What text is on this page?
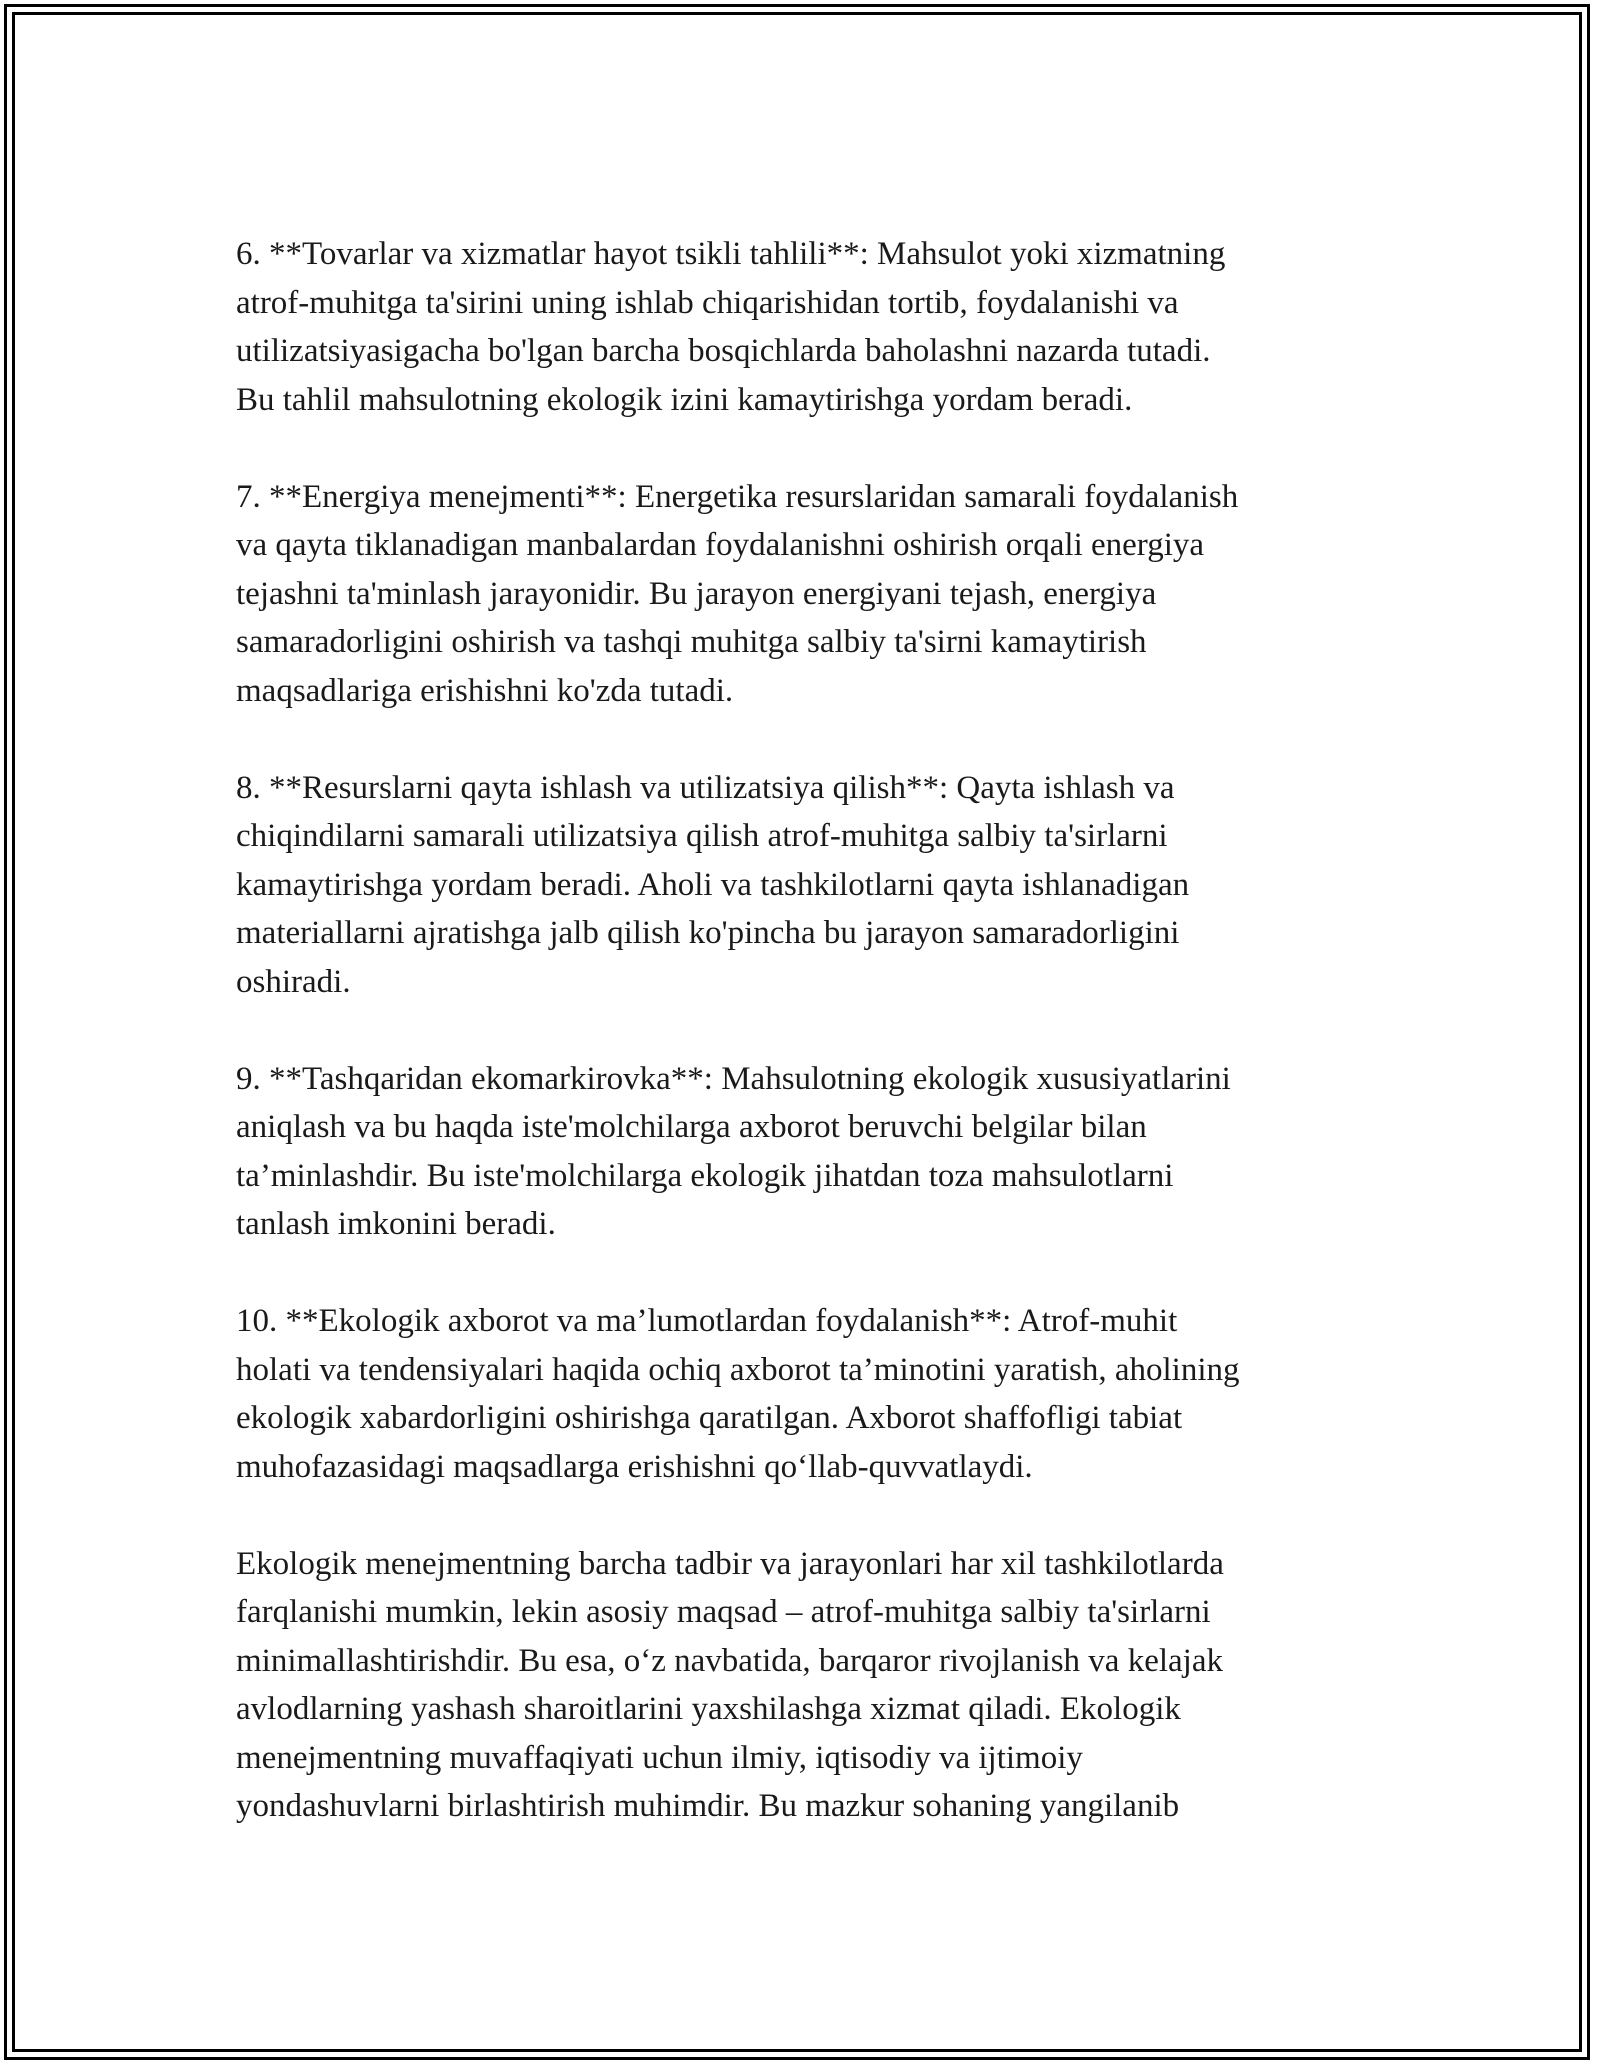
6. **Tovarlar va xizmatlar hayot tsikli tahlili**: Mahsulot yoki xizmatning
atrof-muhitga ta'sirini uning ishlab chiqarishidan tortib, foydalanishi va
utilizatsiyasigacha bo'lgan barcha bosqichlarda baholashni nazarda tutadi.
Bu tahlil mahsulotning ekologik izini kamaytirishga yordam beradi.

7. **Energiya menejmenti**: Energetika resurslaridan samarali foydalanish
va qayta tiklanadigan manbalardan foydalanishni oshirish orqali energiya
tejashni ta'minlash jarayonidir. Bu jarayon energiyani tejash, energiya
samaradorligini oshirish va tashqi muhitga salbiy ta'sirni kamaytirish
maqsadlariga erishishni ko'zda tutadi.

8. **Resurslarni qayta ishlash va utilizatsiya qilish**: Qayta ishlash va
chiqindilarni samarali utilizatsiya qilish atrof-muhitga salbiy ta'sirlarni
kamaytirishga yordam beradi. Aholi va tashkilotlarni qayta ishlanadigan
materiallarni ajratishga jalb qilish ko'pincha bu jarayon samaradorligini
oshiradi.

9. **Tashqaridan ekomarkirovka**: Mahsulotning ekologik xususiyatlarini
aniqlash va bu haqda iste'molchilarga axborot beruvchi belgilar bilan
ta’minlashdir. Bu iste'molchilarga ekologik jihatdan toza mahsulotlarni
tanlash imkonini beradi.

10. **Ekologik axborot va ma’lumotlardan foydalanish**: Atrof-muhit
holati va tendensiyalari haqida ochiq axborot ta’minotini yaratish, aholining
ekologik xabardorligini oshirishga qaratilgan. Axborot shaffofligi tabiat
muhofazasidagi maqsadlarga erishishni qo‘llab-quvvatlaydi.

Ekologik menejmentning barcha tadbir va jarayonlari har xil tashkilotlarda
farqlanishi mumkin, lekin asosiy maqsad – atrof-muhitga salbiy ta'sirlarni
minimallashtirishdir. Bu esa, o‘z navbatida, barqaror rivojlanish va kelajak
avlodlarning yashash sharoitlarini yaxshilashga xizmat qiladi. Ekologik
menejmentning muvaffaqiyati uchun ilmiy, iqtisodiy va ijtimoiy
yondashuvlarni birlashtirish muhimdir. Bu mazkur sohaning yangilanib
